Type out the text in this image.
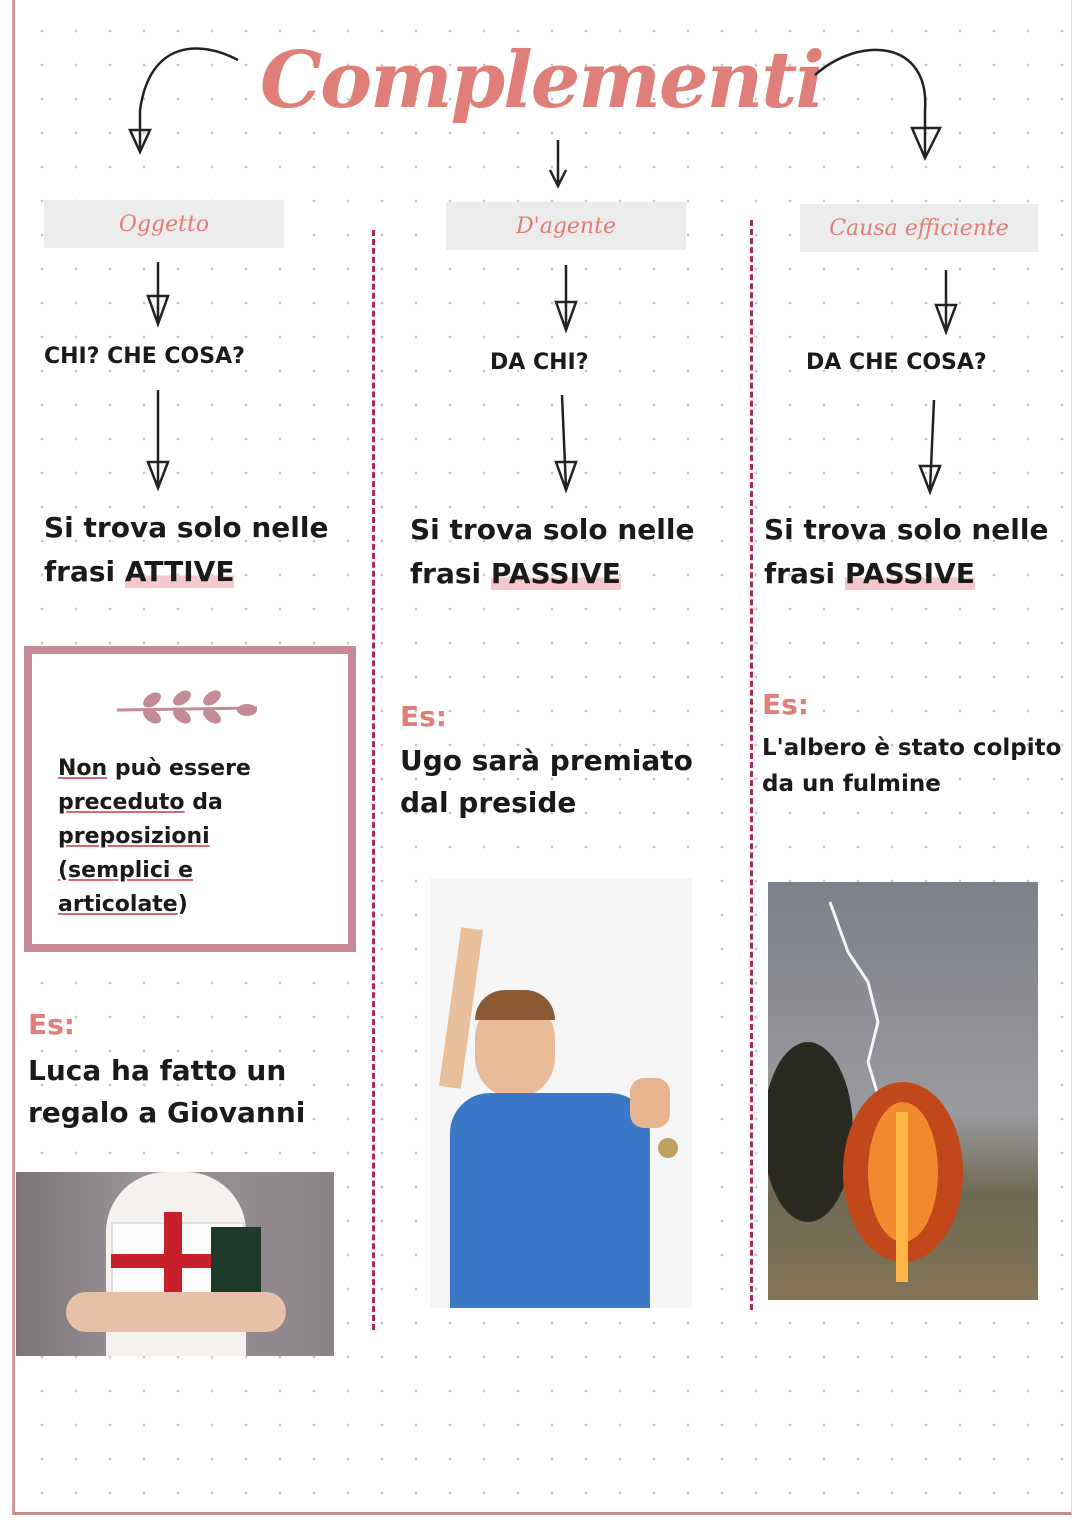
Complementi
Oggetto
CHI? CHE COSA?
Si trova solo nelle frasi ATTIVE
Non può essere
preceduto da
preposizioni
(semplici e
articolate)
Es:
Luca ha fatto un regalo a Giovanni
D'agente
DA CHI?
Si trova solo nelle frasi PASSIVE
Es:
Ugo sarà premiato dal preside
Causa efficiente
DA CHE COSA?
Si trova solo nelle frasi PASSIVE
Es:
L'albero è stato colpito da un fulmine
